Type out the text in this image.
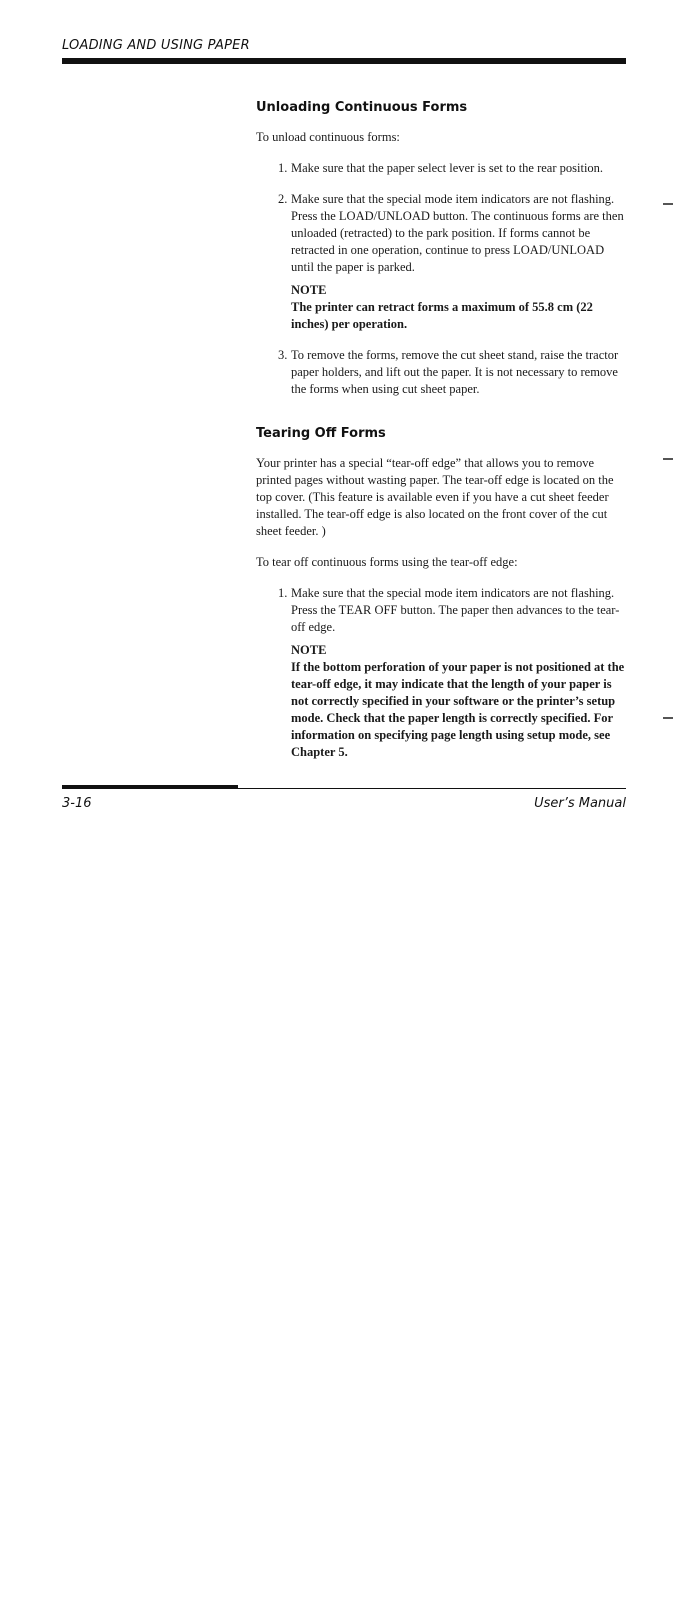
LOADING AND USING PAPER
Unloading Continuous Forms

To unload continuous forms:

1. Make sure that the paper select lever is set to the rear position.

2. Make sure that the special mode item indicators are not flashing. Press the LOAD/UNLOAD button. The continuous forms are then unloaded (retracted) to the park position. If forms cannot be retracted in one operation, continue to press LOAD/UNLOAD until the paper is parked.

NOTE

The printer can retract forms a maximum of 55.8 cm (22 inches) per operation.

3. To remove the forms, remove the cut sheet stand, raise the tractor paper holders, and lift out the paper. It is not necessary to remove the forms when using cut sheet paper.

Tearing Off Forms

Your printer has a special “tear-off edge” that allows you to remove printed pages without wasting paper. The tear-off edge is located on the top cover. (This feature is available even if you have a cut sheet feeder installed. The tear-off edge is also located on the front cover of the cut sheet feeder. )

To tear off continuous forms using the tear-off edge:

1. Make sure that the special mode item indicators are not flashing. Press the TEAR OFF button. The paper then advances to the tear-off edge.

NOTE

If the bottom perforation of your paper is not positioned at the tear-off edge, it may indicate that the length of your paper is not correctly specified in your software or the printer’s setup mode. Check that the paper length is correctly specified. For information on specifying page length using setup mode, see Chapter 5.

3-16	User’s Manual
